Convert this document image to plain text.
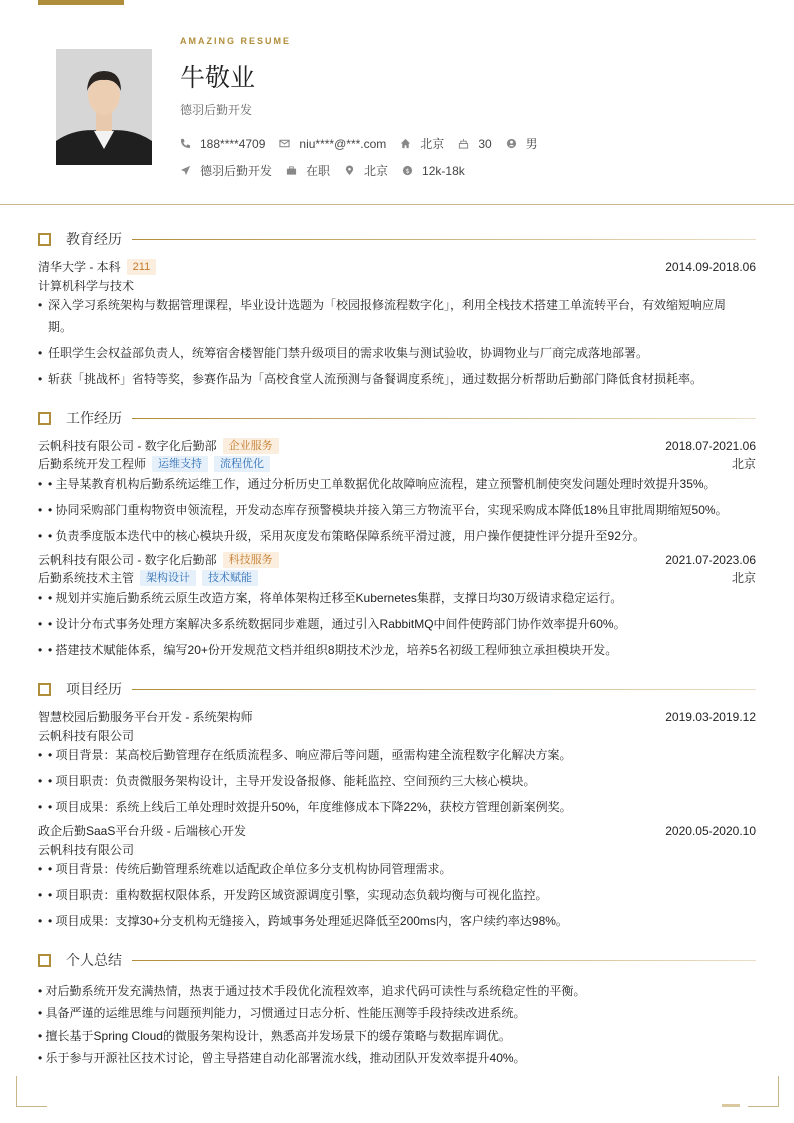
AMAZING RESUME
牛敬业
德羽后勤开发
188****4709	niu****@***.com	北京	30	男
德羽后勤开发	在职	北京 $ 12k-18k
教育经历
清华大学 - 本科	211	2014.09-2018.06
计算机科学与技术
• 深入学习系统架构与数据管理课程，毕业设计选题为「校园报修流程数字化」，利用全栈技术搭建工单流转平台，有效缩短响应周
期。
• 任职学生会权益部负责人，统筹宿舍楼智能门禁升级项目的需求收集与测试验收，协调物业与厂商完成落地部署。
• 斩获「挑战杯」省特等奖，参赛作品为「高校食堂人流预测与备餐调度系统」，通过数据分析帮助后勤部门降低食材损耗率。
工作经历
云帆科技有限公司 - 数字化后勤部	企业服务	2018.07-2021.06
后勤系统开发工程师	运维支持	流程优化	北京
• • 主导某教育机构后勤系统运维工作，通过分析历史工单数据优化故障响应流程，建立预警机制使突发问题处理时效提升35%。
• • 协同采购部门重构物资申领流程，开发动态库存预警模块并接入第三方物流平台，实现采购成本降低18%且审批周期缩短50%。
• • 负责季度版本迭代中的核心模块升级，采用灰度发布策略保障系统平滑过渡，用户操作便捷性评分提升至92分。
云帆科技有限公司 - 数字化后勤部	科技服务	2021.07-2023.06
后勤系统技术主管	架构设计	技术赋能	北京
• • 规划并实施后勤系统云原生改造方案，将单体架构迁移至Kubernetes集群，支撑日均30万级请求稳定运行。
• • 设计分布式事务处理方案解决多系统数据同步难题，通过引入RabbitMQ中间件使跨部门协作效率提升60%。
• • 搭建技术赋能体系，编写20+份开发规范文档并组织8期技术沙龙，培养5名初级工程师独立承担模块开发。
项目经历
智慧校园后勤服务平台开发 - 系统架构师	2019.03-2019.12
云帆科技有限公司
• • 项目背景：某高校后勤管理存在纸质流程多、响应滞后等问题，亟需构建全流程数字化解决方案。
• • 项目职责：负责微服务架构设计，主导开发设备报修、能耗监控、空间预约三大核心模块。
• • 项目成果：系统上线后工单处理时效提升50%，年度维修成本下降22%，获校方管理创新案例奖。
政企后勤SaaS平台升级 - 后端核心开发	2020.05-2020.10
云帆科技有限公司
• • 项目背景：传统后勤管理系统难以适配政企单位多分支机构协同管理需求。
• • 项目职责：重构数据权限体系，开发跨区域资源调度引擎，实现动态负载均衡与可视化监控。
• • 项目成果：支撑30+分支机构无缝接入，跨域事务处理延迟降低至200ms内，客户续约率达98%。
个人总结
• 对后勤系统开发充满热情，热衷于通过技术手段优化流程效率，追求代码可读性与系统稳定性的平衡。
• 具备严谨的运维思维与问题预判能力，习惯通过日志分析、性能压测等手段持续改进系统。
• 擅长基于Spring Cloud的微服务架构设计，熟悉高并发场景下的缓存策略与数据库调优。
• 乐于参与开源社区技术讨论，曾主导搭建自动化部署流水线，推动团队开发效率提升40%。
